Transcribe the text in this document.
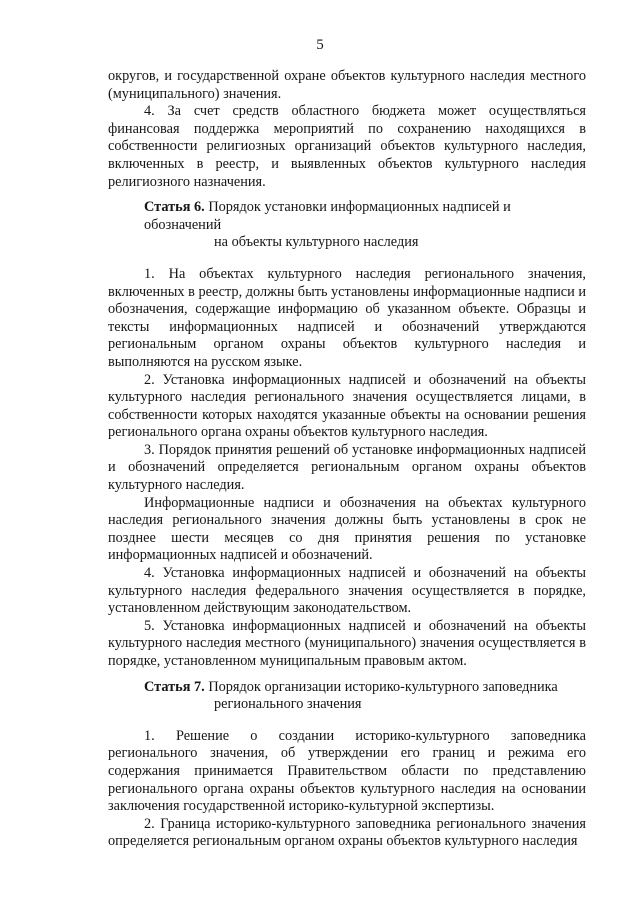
5

округов, и государственной охране объектов культурного наследия местного (муниципального) значения.

4. За счет средств областного бюджета может осуществляться финансовая поддержка мероприятий по сохранению находящихся в собственности религиозных организаций объектов культурного наследия, включенных в реестр, и выявленных объектов культурного наследия религиозного назначения.

Статья 6. Порядок установки информационных надписей и обозначений
на объекты культурного наследия

1. На объектах культурного наследия регионального значения, включенных в реестр, должны быть установлены информационные надписи и обозначения, содержащие информацию об указанном объекте. Образцы и тексты информационных надписей и обозначений утверждаются региональным органом охраны объектов культурного наследия и выполняются на русском языке.

2. Установка информационных надписей и обозначений на объекты культурного наследия регионального значения осуществляется лицами, в собственности которых находятся указанные объекты на основании решения регионального органа охраны объектов культурного наследия.

3. Порядок принятия решений об установке информационных надписей и обозначений определяется региональным органом охраны объектов культурного наследия.

Информационные надписи и обозначения на объектах культурного наследия регионального значения должны быть установлены в срок не позднее шести месяцев со дня принятия решения по установке информационных надписей и обозначений.

4. Установка информационных надписей и обозначений на объекты культурного наследия федерального значения осуществляется в порядке, установленном действующим законодательством.

5. Установка информационных надписей и обозначений на объекты культурного наследия местного (муниципального) значения осуществляется в порядке, установленном муниципальным правовым актом.

Статья 7. Порядок организации историко-культурного заповедника
регионального значения

1. Решение о создании историко-культурного заповедника регионального значения, об утверждении его границ и режима его содержания принимается Правительством области по представлению регионального органа охраны объектов культурного наследия на основании заключения государственной историко-культурной экспертизы.

2. Граница историко-культурного заповедника регионального значения определяется региональным органом охраны объектов культурного наследия
